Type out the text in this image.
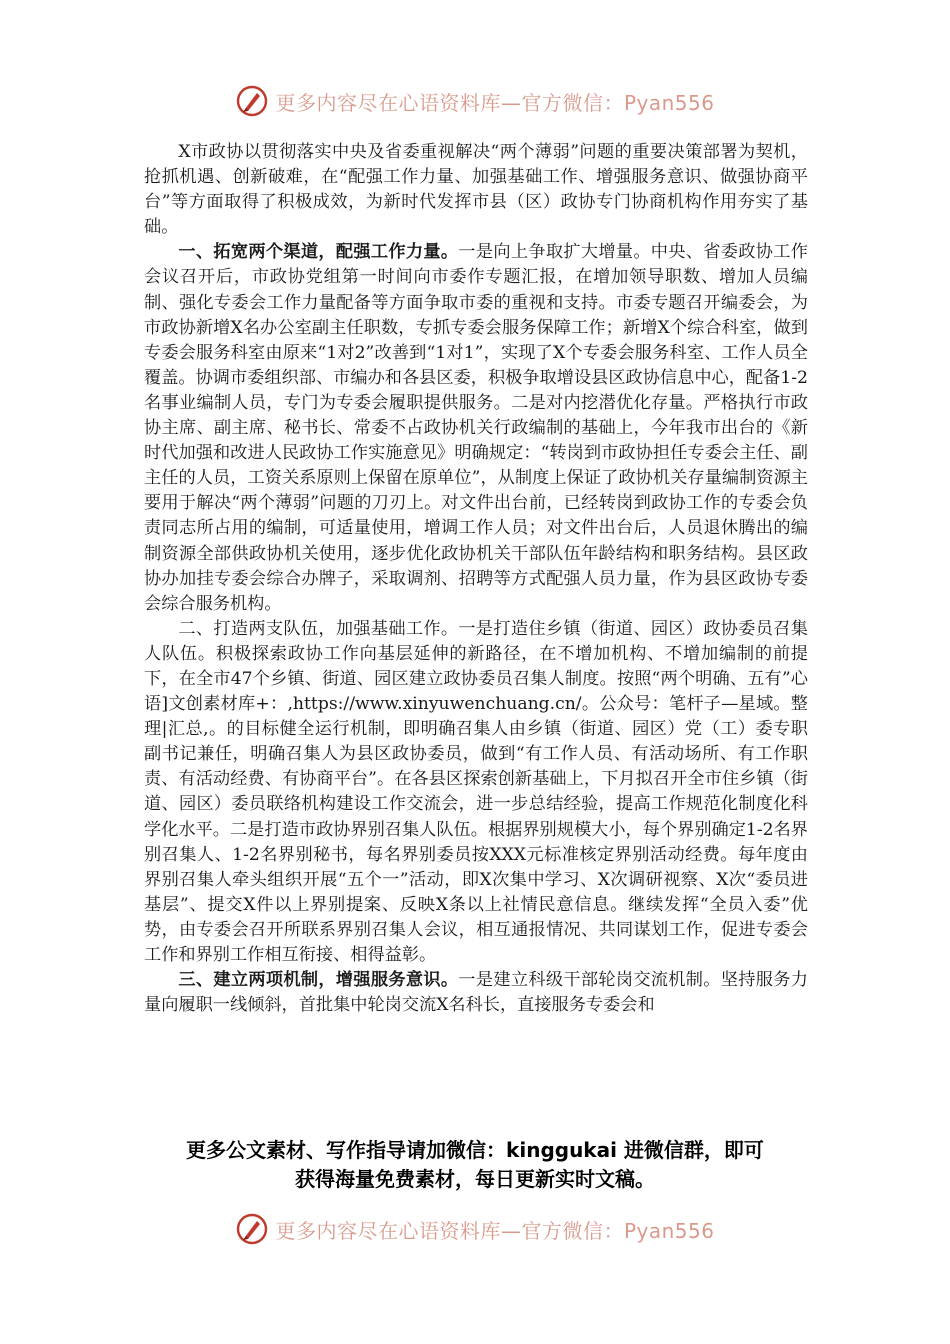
更多内容尽在心语资料库—官方微信：Pyan556

X市政协以贯彻落实中央及省委重视解决“两个薄弱”问题的重要决策部署为契机，抢抓机遇、创新破难，在“配强工作力量、加强基础工作、增强服务意识、做强协商平台”等方面取得了积极成效，为新时代发挥市县（区）政协专门协商机构作用夯实了基础。

一、拓宽两个渠道，配强工作力量。一是向上争取扩大增量。中央、省委政协工作会议召开后，市政协党组第一时间向市委作专题汇报，在增加领导职数、增加人员编制、强化专委会工作力量配备等方面争取市委的重视和支持。市委专题召开编委会，为市政协新增X名办公室副主任职数，专抓专委会服务保障工作；新增X个综合科室，做到专委会服务科室由原来“1对2”改善到“1对1”，实现了X个专委会服务科室、工作人员全覆盖。协调市委组织部、市编办和各县区委，积极争取增设县区政协信息中心，配备1-2名事业编制人员，专门为专委会履职提供服务。二是对内挖潜优化存量。严格执行市政协主席、副主席、秘书长、常委不占政协机关行政编制的基础上，今年我市出台的《新时代加强和改进人民政协工作实施意见》明确规定：“转岗到市政协担任专委会主任、副主任的人员，工资关系原则上保留在原单位”，从制度上保证了政协机关存量编制资源主要用于解决“两个薄弱”问题的刀刃上。对文件出台前，已经转岗到政协工作的专委会负责同志所占用的编制，可适量使用，增调工作人员；对文件出台后，人员退休腾出的编制资源全部供政协机关使用，逐步优化政协机关干部队伍年龄结构和职务结构。县区政协办加挂专委会综合办牌子，采取调剂、招聘等方式配强人员力量，作为县区政协专委会综合服务机构。

二、打造两支队伍，加强基础工作。一是打造住乡镇（街道、园区）政协委员召集人队伍。积极探索政协工作向基层延伸的新路径，在不增加机构、不增加编制的前提下，在全市47个乡镇、街道、园区建立政协委员召集人制度。按照“两个明确、五有”心语]文创素材库+：,https://www.xinyuwenchuang.cn/。公众号：笔杆子—星域。整理|汇总,。的目标健全运行机制，即明确召集人由乡镇（街道、园区）党（工）委专职副书记兼任，明确召集人为县区政协委员，做到“有工作人员、有活动场所、有工作职责、有活动经费、有协商平台”。在各县区探索创新基础上，下月拟召开全市住乡镇（街道、园区）委员联络机构建设工作交流会，进一步总结经验，提高工作规范化制度化科学化水平。二是打造市政协界别召集人队伍。根据界别规模大小，每个界别确定1-2名界别召集人、1-2名界别秘书，每名界别委员按XXX元标准核定界别活动经费。每年度由界别召集人牵头组织开展“五个一”活动，即X次集中学习、X次调研视察、X次“委员进基层”、提交X件以上界别提案、反映X条以上社情民意信息。继续发挥“全员入委”优势，由专委会召开所联系界别召集人会议，相互通报情况、共同谋划工作，促进专委会工作和界别工作相互衔接、相得益彰。

三、建立两项机制，增强服务意识。一是建立科级干部轮岗交流机制。坚持服务力量向履职一线倾斜，首批集中轮岗交流X名科长，直接服务专委会和

更多公文素材、写作指导请加微信：kinggukai 进微信群，即可
获得海量免费素材，每日更新实时文稿。
更多内容尽在心语资料库—官方微信：Pyan556
